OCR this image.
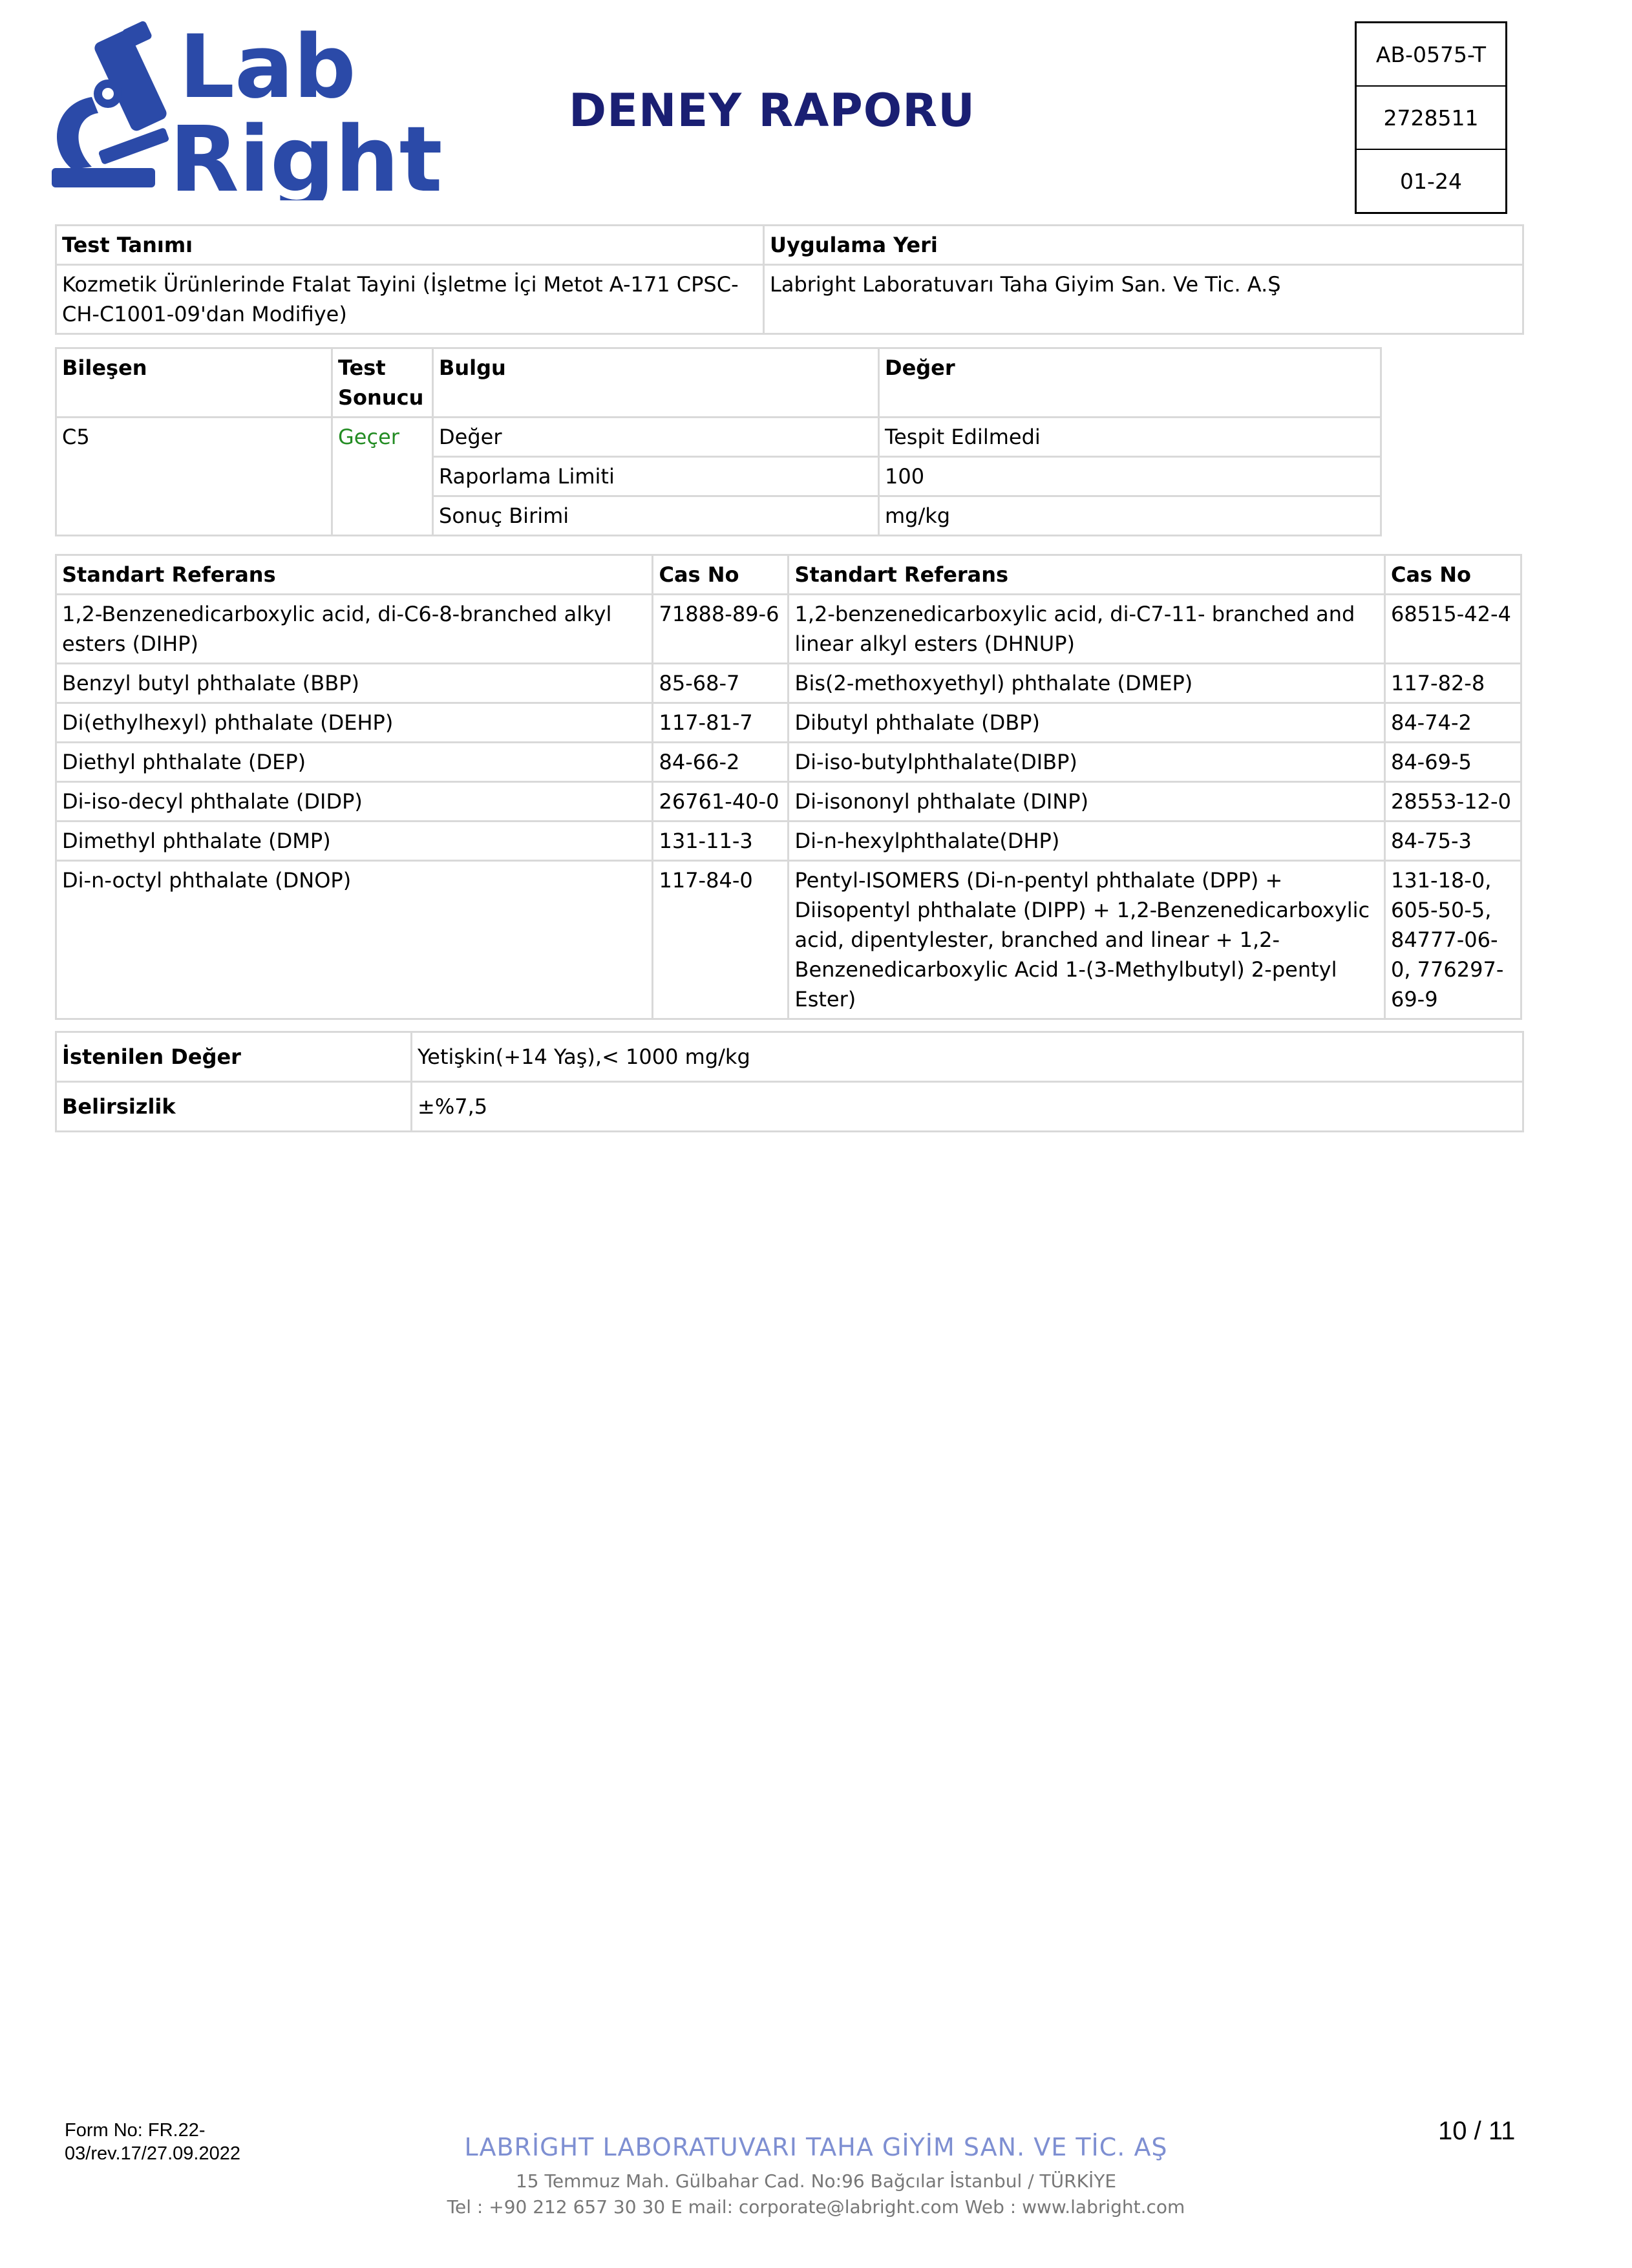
Lab
Right	DENEY RAPORU
AB-0575-T
2728511
01-24
Test Tanımı	Uygulama Yeri
Kozmetik Ürünlerinde Ftalat Tayini (İşletme İçi Metot A-171 CPSC-CH-C1001-09'dan Modifiye)	Labright Laboratuvarı Taha Giyim San. Ve Tic. A.Ş
Bileşen	Test Sonucu	Bulgu	Değer
C5	Geçer	Değer	Tespit Edilmedi
		Raporlama Limiti	100
		Sonuç Birimi	mg/kg
Standart Referans	Cas No	Standart Referans	Cas No
1,2-Benzenedicarboxylic acid, di-C6-8-branched alkyl esters (DIHP)	71888-89-6	1,2-benzenedicarboxylic acid, di-C7-11- branched and linear alkyl esters (DHNUP)	68515-42-4
Benzyl butyl phthalate (BBP)	85-68-7	Bis(2-methoxyethyl) phthalate (DMEP)	117-82-8
Di(ethylhexyl) phthalate (DEHP)	117-81-7	Dibutyl phthalate (DBP)	84-74-2
Diethyl phthalate (DEP)	84-66-2	Di-iso-butylphthalate(DIBP)	84-69-5
Di-iso-decyl phthalate (DIDP)	26761-40-0	Di-isononyl phthalate (DINP)	28553-12-0
Dimethyl phthalate (DMP)	131-11-3	Di-n-hexylphthalate(DHP)	84-75-3
Di-n-octyl phthalate (DNOP)	117-84-0	Pentyl-ISOMERS (Di-n-pentyl phthalate (DPP) + Diisopentyl phthalate (DIPP) + 1,2-Benzenedicarboxylic acid, dipentylester, branched and linear + 1,2-Benzenedicarboxylic Acid 1-(3-Methylbutyl) 2-pentyl Ester)	131-18-0, 605-50-5, 84777-06-0, 776297-69-9
İstenilen Değer	Yetişkin(+14 Yaş),< 1000 mg/kg
Belirsizlik	±%7,5
Form No: FR.22-
03/rev.17/27.09.2022
10 / 11
LABRİGHT LABORATUVARI TAHA GİYİM SAN. VE TİC. AŞ
15 Temmuz Mah. Gülbahar Cad. No:96 Bağcılar İstanbul / TÜRKİYE
Tel : +90 212 657 30 30 E mail: corporate@labright.com Web : www.labright.com
